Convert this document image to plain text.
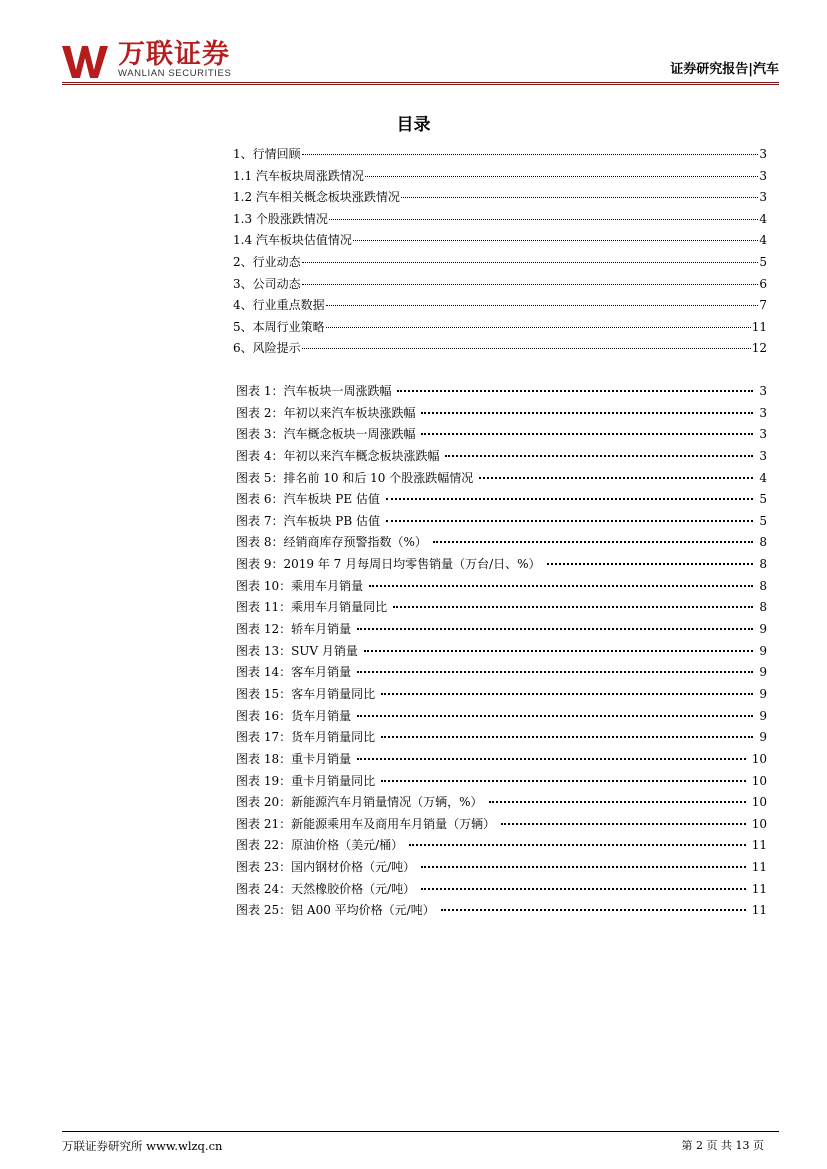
万联证券
WANLIAN SECURITIES	证券研究报告|汽车
目录
1、行情回顾	3
1.1 汽车板块周涨跌情况	3
1.2 汽车相关概念板块涨跌情况	3
1.3 个股涨跌情况	4
1.4 汽车板块估值情况	4
2、行业动态	5
3、公司动态	6
4、行业重点数据	7
5、本周行业策略	11
6、风险提示	12
图表 1：汽车板块一周涨跌幅	3
图表 2：年初以来汽车板块涨跌幅	3
图表 3：汽车概念板块一周涨跌幅	3
图表 4：年初以来汽车概念板块涨跌幅	3
图表 5：排名前 10 和后 10 个股涨跌幅情况	4
图表 6：汽车板块 PE 估值	5
图表 7：汽车板块 PB 估值	5
图表 8：经销商库存预警指数（%）	8
图表 9：2019 年 7 月每周日均零售销量（万台/日、%）	8
图表 10：乘用车月销量	8
图表 11：乘用车月销量同比	8
图表 12：轿车月销量	9
图表 13：SUV 月销量	9
图表 14：客车月销量	9
图表 15：客车月销量同比	9
图表 16：货车月销量	9
图表 17：货车月销量同比	9
图表 18：重卡月销量	10
图表 19：重卡月销量同比	10
图表 20：新能源汽车月销量情况（万辆，%）	10
图表 21：新能源乘用车及商用车月销量（万辆）	10
图表 22：原油价格（美元/桶）	11
图表 23：国内钢材价格（元/吨）	11
图表 24：天然橡胶价格（元/吨）	11
图表 25：铝 A00 平均价格（元/吨）	11
万联证券研究所 www.wlzq.cn	第 2 页 共 13 页
